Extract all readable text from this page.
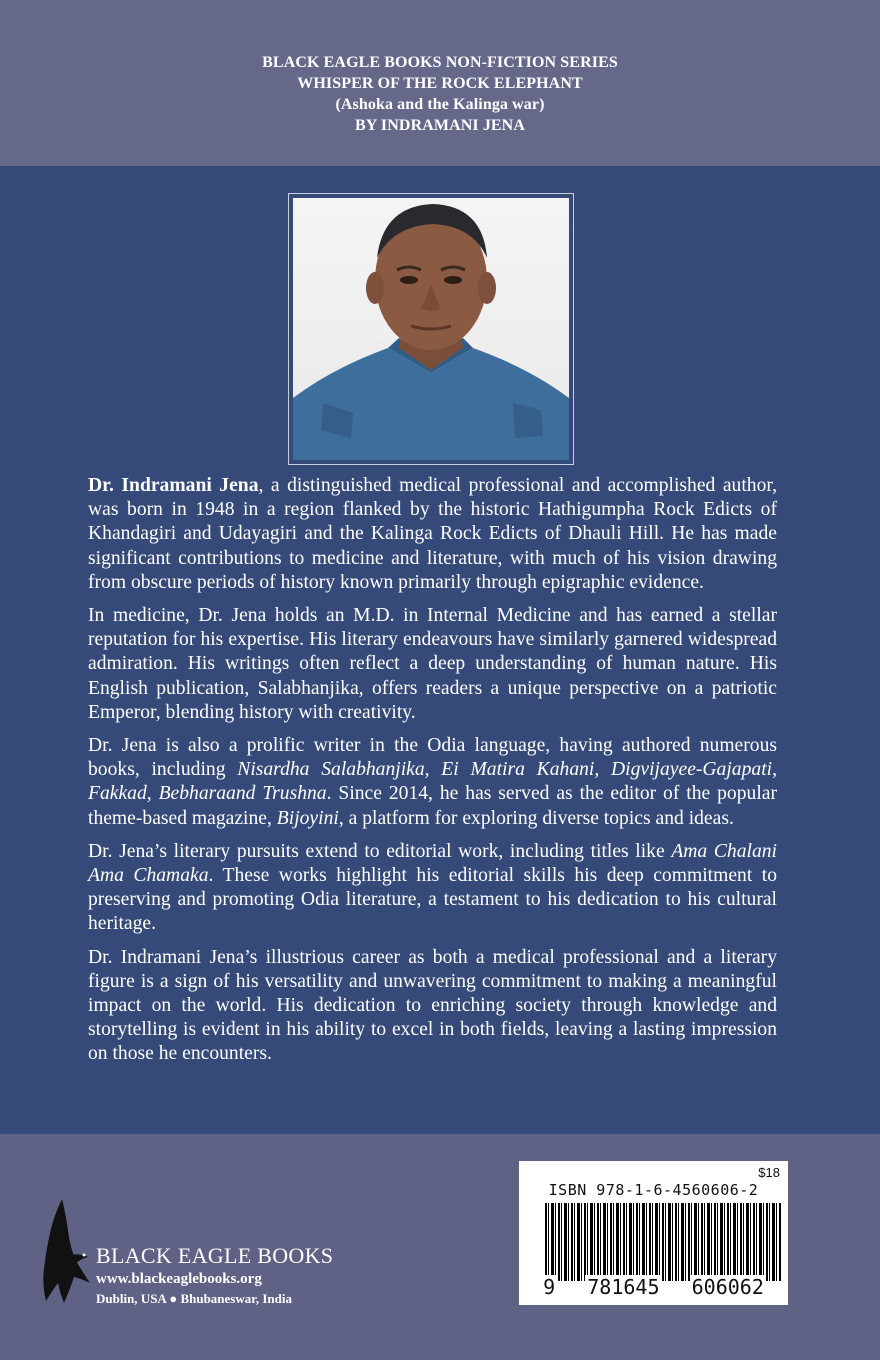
BLACK EAGLE BOOKS NON-FICTION SERIES
WHISPER OF THE ROCK ELEPHANT
(Ashoka and the Kalinga war)
BY INDRAMANI JENA

Dr. Indramani Jena, a distinguished medical professional and accomplished author, was born in 1948 in a region flanked by the historic Hathigumpha Rock Edicts of Khandagiri and Udayagiri and the Kalinga Rock Edicts of Dhauli Hill. He has made significant contributions to medicine and literature, with much of his vision drawing from obscure periods of history known primarily through epigraphic evidence.

In medicine, Dr. Jena holds an M.D. in Internal Medicine and has earned a stellar reputation for his expertise. His literary endeavours have similarly garnered widespread admiration. His writings often reflect a deep understanding of human nature. His English publication, Salabhanjika, offers readers a unique perspective on a patriotic Emperor, blending history with creativity.

Dr. Jena is also a prolific writer in the Odia language, having authored numerous books, including Nisardha Salabhanjika, Ei Matira Kahani, Digvijayee-Gajapati, Fakkad, Bebharaand Trushna. Since 2014, he has served as the editor of the popular theme-based magazine, Bijoyini, a platform for exploring diverse topics and ideas.

Dr. Jena’s literary pursuits extend to editorial work, including titles like Ama Chalani Ama Chamaka. These works highlight his editorial skills his deep commitment to preserving and promoting Odia literature, a testament to his dedication to his cultural heritage.

Dr. Indramani Jena’s illustrious career as both a medical professional and a literary figure is a sign of his versatility and unwavering commitment to making a meaningful impact on the world. His dedication to enriching society through knowledge and storytelling is evident in his ability to excel in both fields, leaving a lasting impression on those he encounters.

BLACK EAGLE BOOKS
www.blackeaglebooks.org
Dublin, USA ● Bhubaneswar, India
$18
ISBN 978-1-6-4560606-2
9 781645 606062
